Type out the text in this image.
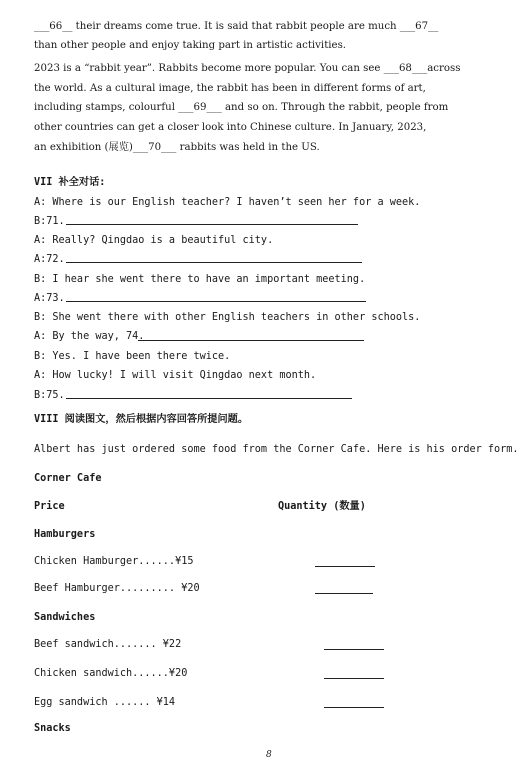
___66__ their dreams come true. It is said that rabbit people are much ___67__
than other people and enjoy taking part in artistic activities.
2023 is a “rabbit year”. Rabbits become more popular. You can see ___68___across
the world. As a cultural image, the rabbit has been in different forms of art,
including stamps, colourful ___69___ and so on. Through the rabbit, people from
other countries can get a closer look into Chinese culture. In January, 2023,
an exhibition (展览)___70___ rabbits was held in the US.
VII 补全对话:
A: Where is our English teacher? I haven’t seen her for a week.
B:71.
A: Really? Qingdao is a beautiful city.
A:72.
B: I hear she went there to have an important meeting.
A:73.
B: She went there with other English teachers in other schools.
A: By the way, 74.
B: Yes. I have been there twice.
A: How lucky! I will visit Qingdao next month.
B:75.
VIII 阅读图文，然后根据内容回答所提问题。
Albert has just ordered some food from the Corner Cafe. Here is his order form.
Corner Cafe
Price	Quantity (数量)
Hamburgers
Chicken Hamburger......¥15
Beef Hamburger......... ¥20
Sandwiches
Beef sandwich....... ¥22
Chicken sandwich......¥20
Egg sandwich ...... ¥14
Snacks
8
